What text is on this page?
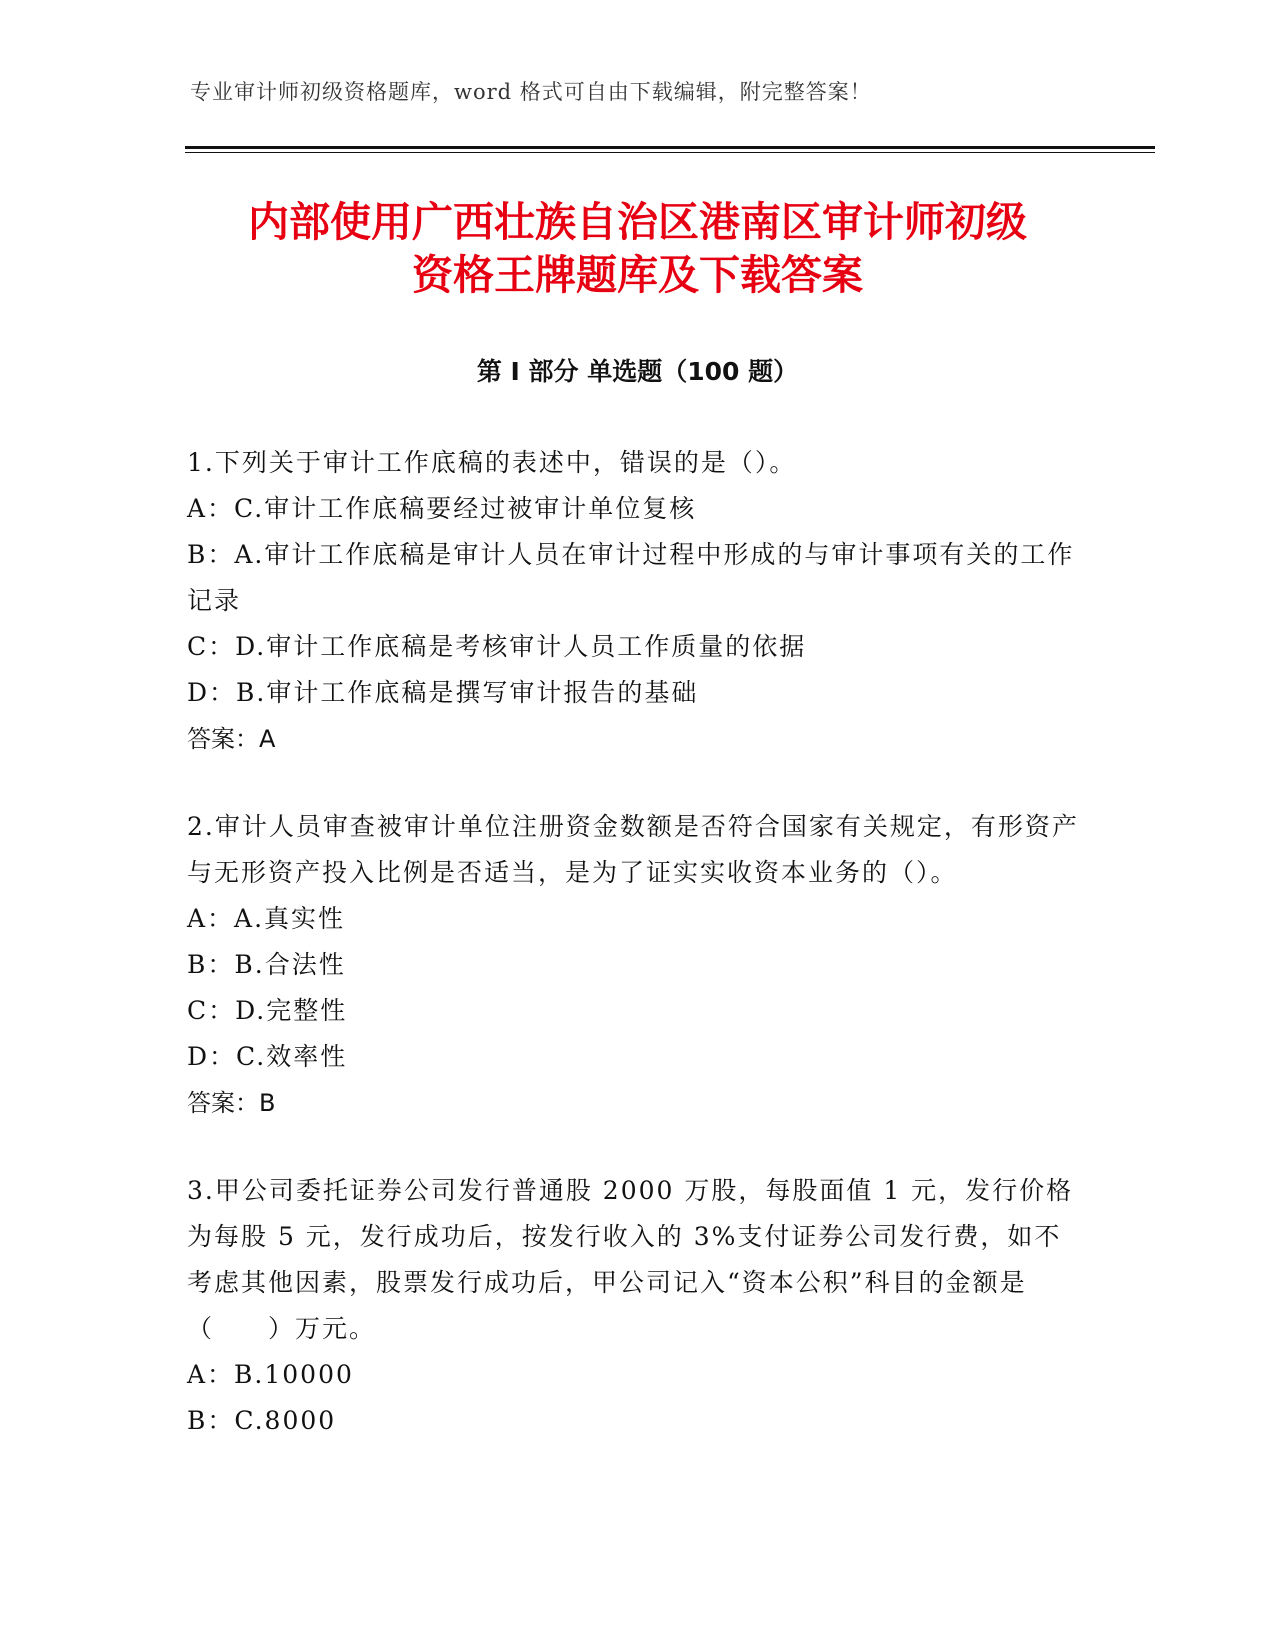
专业审计师初级资格题库，word 格式可自由下载编辑，附完整答案！
内部使用广西壮族自治区港南区审计师初级
资格王牌题库及下载答案
第 I 部分 单选题（100 题）

1.下列关于审计工作底稿的表述中，错误的是（）。

A：C.审计工作底稿要经过被审计单位复核

B：A.审计工作底稿是审计人员在审计过程中形成的与审计事项有关的工作记录

C：D.审计工作底稿是考核审计人员工作质量的依据

D：B.审计工作底稿是撰写审计报告的基础

答案：A

2.审计人员审查被审计单位注册资金数额是否符合国家有关规定，有形资产与无形资产投入比例是否适当，是为了证实实收资本业务的（）。

A：A.真实性

B：B.合法性

C：D.完整性

D：C.效率性

答案：B

3.甲公司委托证券公司发行普通股 2000 万股，每股面值 1 元，发行价格为每股 5 元，发行成功后，按发行收入的 3%支付证券公司发行费，如不考虑其他因素，股票发行成功后，甲公司记入“资本公积”科目的金额是（　　）万元。

A：B.10000

B：C.8000
